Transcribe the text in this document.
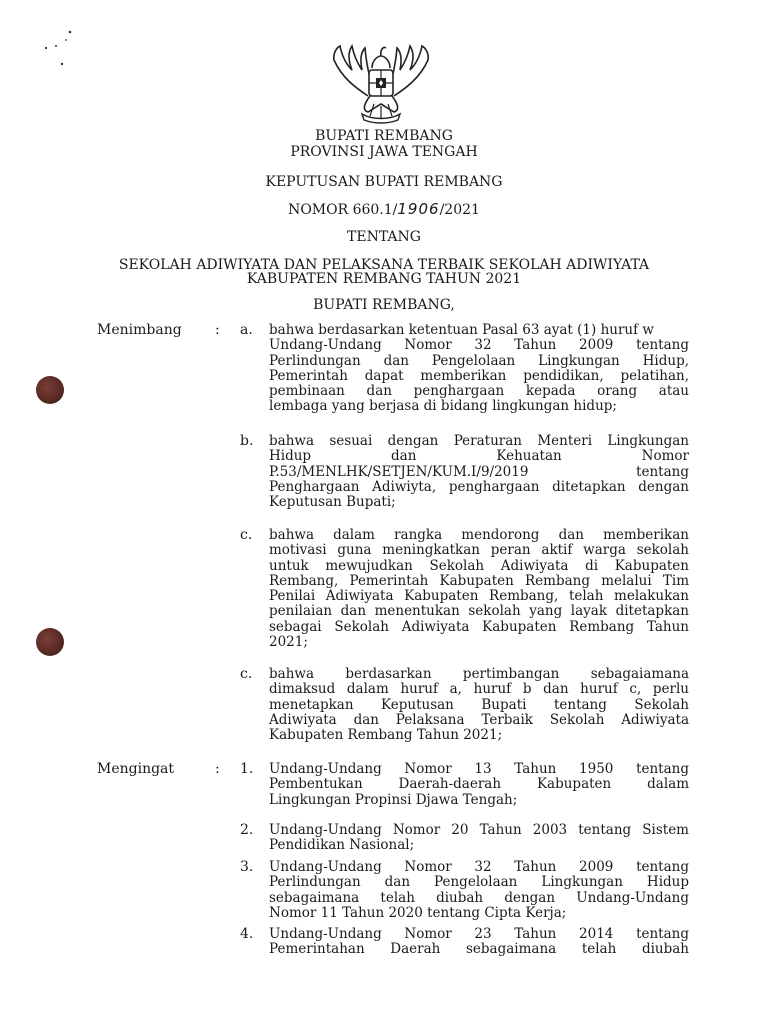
BUPATI REMBANG
PROVINSI JAWA TENGAH
KEPUTUSAN BUPATI REMBANG
NOMOR 660.1/1906/2021
TENTANG
SEKOLAH ADIWIYATA DAN PELAKSANA TERBAIK SEKOLAH ADIWIYATA
KABUPATEN REMBANG TAHUN 2021
BUPATI REMBANG,
Menimbang : a. bahwa berdasarkan ketentuan Pasal 63 ayat (1) huruf w
Undang-Undang Nomor 32 Tahun 2009 tentang
Perlindungan dan Pengelolaan Lingkungan Hidup,
Pemerintah dapat memberikan pendidikan, pelatihan,
pembinaan dan penghargaan kepada orang atau
lembaga yang berjasa di bidang lingkungan hidup;
b. bahwa sesuai dengan Peraturan Menteri Lingkungan
Hidup dan Kehuatan Nomor
P.53/MENLHK/SETJEN/KUM.I/9/2019 tentang
Penghargaan Adiwiyta, penghargaan ditetapkan dengan
Keputusan Bupati;
c. bahwa dalam rangka mendorong dan memberikan
motivasi guna meningkatkan peran aktif warga sekolah
untuk mewujudkan Sekolah Adiwiyata di Kabupaten
Rembang, Pemerintah Kabupaten Rembang melalui Tim
Penilai Adiwiyata Kabupaten Rembang, telah melakukan
penilaian dan menentukan sekolah yang layak ditetapkan
sebagai Sekolah Adiwiyata Kabupaten Rembang Tahun
2021;
c. bahwa berdasarkan pertimbangan sebagaiamana
dimaksud dalam huruf a, huruf b dan huruf c, perlu
menetapkan Keputusan Bupati tentang Sekolah
Adiwiyata dan Pelaksana Terbaik Sekolah Adiwiyata
Kabupaten Rembang Tahun 2021;
Mengingat	: 1. Undang-Undang Nomor 13 Tahun 1950 tentang
Pembentukan Daerah-daerah Kabupaten dalam
Lingkungan Propinsi Djawa Tengah;
2. Undang-Undang Nomor 20 Tahun 2003 tentang Sistem
Pendidikan Nasional;
3. Undang-Undang Nomor 32 Tahun 2009 tentang
Perlindungan dan Pengelolaan Lingkungan Hidup
sebagaimana telah diubah dengan Undang-Undang
Nomor 11 Tahun 2020 tentang Cipta Kerja;
4. Undang-Undang Nomor 23 Tahun 2014 tentang
Pemerintahan Daerah sebagaimana telah diubah
